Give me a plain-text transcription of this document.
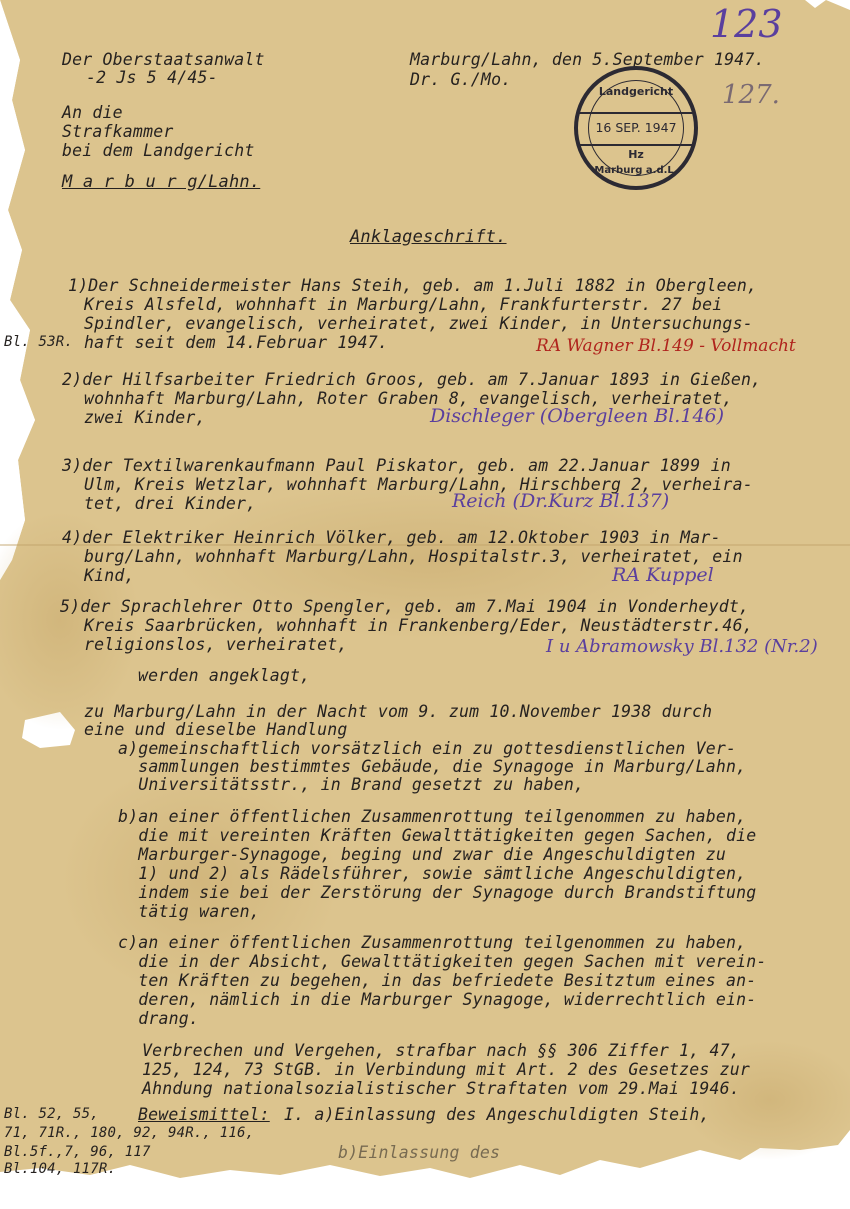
123
127.
Der Oberstaatsanwalt
-2 Js 5 4/45-
Marburg/Lahn, den 5.September 1947.
Dr. G./Mo.
Landgericht
16 SEP. 1947
Hz
Marburg a.d.L.
An die
Strafkammer
bei dem Landgericht
M a r b u r g/Lahn.
Anklageschrift.
1)Der Schneidermeister Hans Steih, geb. am 1.Juli 1882 in Obergleen,
Kreis Alsfeld, wohnhaft in Marburg/Lahn, Frankfurterstr. 27 bei
Spindler, evangelisch, verheiratet, zwei Kinder, in Untersuchungs-
Bl. 53R. haft seit dem 14.Februar 1947.	RA Wagner Bl.149 - Vollmacht
2)der Hilfsarbeiter Friedrich Groos, geb. am 7.Januar 1893 in Gießen,
wohnhaft Marburg/Lahn, Roter Graben 8, evangelisch, verheiratet,
zwei Kinder,	Dischleger (Obergleen Bl.146)
3)der Textilwarenkaufmann Paul Piskator, geb. am 22.Januar 1899 in
Ulm, Kreis Wetzlar, wohnhaft Marburg/Lahn, Hirschberg 2, verheira-
tet, drei Kinder,	Reich (Dr.Kurz Bl.137)
4)der Elektriker Heinrich Völker, geb. am 12.Oktober 1903 in Mar-
burg/Lahn, wohnhaft Marburg/Lahn, Hospitalstr.3, verheiratet, ein
Kind,	RA Kuppel
5)der Sprachlehrer Otto Spengler, geb. am 7.Mai 1904 in Vonderheydt,
Kreis Saarbrücken, wohnhaft in Frankenberg/Eder, Neustädterstr.46,
religionslos, verheiratet,	I u Abramowsky Bl.132 (Nr.2)
werden angeklagt,
zu Marburg/Lahn in der Nacht vom 9. zum 10.November 1938 durch
eine und dieselbe Handlung
a)gemeinschaftlich vorsätzlich ein zu gottesdienstlichen Ver-
sammlungen bestimmtes Gebäude, die Synagoge in Marburg/Lahn,
Universitätsstr., in Brand gesetzt zu haben,
b)an einer öffentlichen Zusammenrottung teilgenommen zu haben,
die mit vereinten Kräften Gewalttätigkeiten gegen Sachen, die
Marburger-Synagoge, beging und zwar die Angeschuldigten zu
1) und 2) als Rädelsführer, sowie sämtliche Angeschuldigten,
indem sie bei der Zerstörung der Synagoge durch Brandstiftung
tätig waren,
c)an einer öffentlichen Zusammenrottung teilgenommen zu haben,
die in der Absicht, Gewalttätigkeiten gegen Sachen mit verein-
ten Kräften zu begehen, in das befriedete Besitztum eines an-
deren, nämlich in die Marburger Synagoge, widerrechtlich ein-
drang.
Verbrechen und Vergehen, strafbar nach §§ 306 Ziffer 1, 47,
125, 124, 73 StGB. in Verbindung mit Art. 2 des Gesetzes zur
Ahndung nationalsozialistischer Straftaten vom 29.Mai 1946.
Bl. 52, 55, Beweismittel: I. a)Einlassung des Angeschuldigten Steih,
71, 71R., 180, 92, 94R., 116,
Bl.5f.,7, 96, 117	b)Einlassung des
Bl.104, 117R.
